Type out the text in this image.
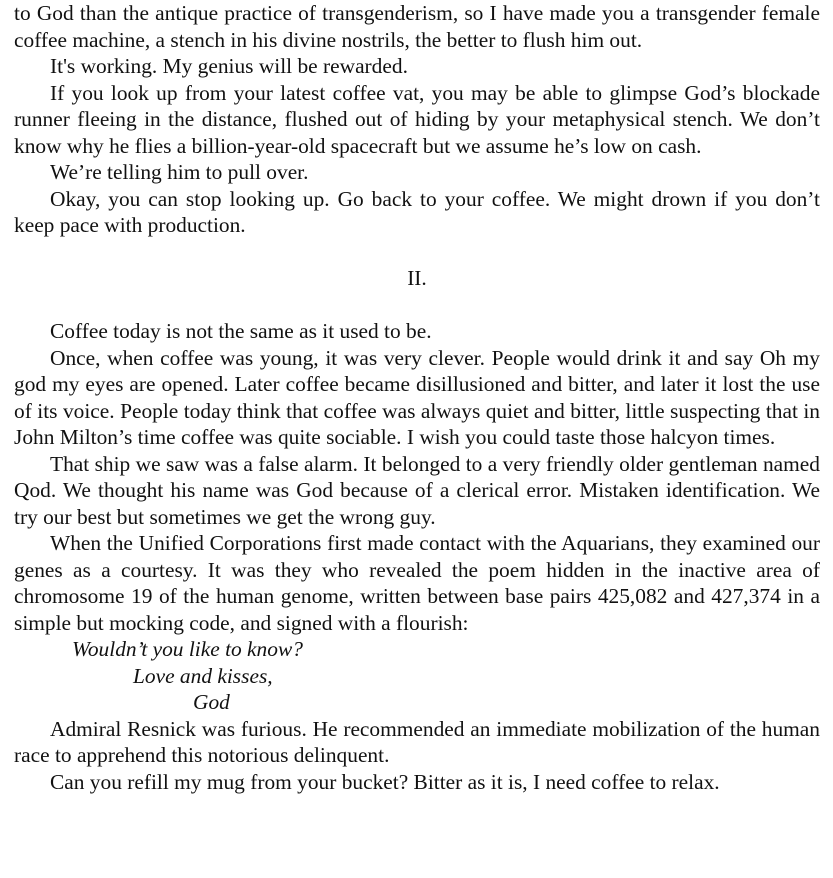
to God than the antique practice of transgenderism, so I have made you a transgender female coffee machine, a stench in his divine nostrils, the better to flush him out.

It's working. My genius will be rewarded.

If you look up from your latest coffee vat, you may be able to glimpse God’s blockade runner fleeing in the distance, flushed out of hiding by your metaphysical stench. We don’t know why he flies a billion-year-old spacecraft but we assume he’s low on cash.

We’re telling him to pull over.

Okay, you can stop looking up. Go back to your coffee. We might drown if you don’t keep pace with production.

II.

Coffee today is not the same as it used to be.

Once, when coffee was young, it was very clever. People would drink it and say Oh my god my eyes are opened. Later coffee became disillusioned and bitter, and later it lost the use of its voice. People today think that coffee was always quiet and bitter, little suspecting that in John Milton’s time coffee was quite sociable. I wish you could taste those halcyon times.

That ship we saw was a false alarm. It belonged to a very friendly older gentleman named Qod. We thought his name was God because of a clerical error. Mistaken identification. We try our best but sometimes we get the wrong guy.

When the Unified Corporations first made contact with the Aquarians, they examined our genes as a courtesy. It was they who revealed the poem hidden in the inactive area of chromosome 19 of the human genome, written between base pairs 425,082 and 427,374 in a simple but mocking code, and signed with a flourish:

Wouldn’t you like to know?

Love and kisses,

God

Admiral Resnick was furious. He recommended an immediate mobilization of the human race to apprehend this notorious delinquent.

Can you refill my mug from your bucket? Bitter as it is, I need coffee to relax.
